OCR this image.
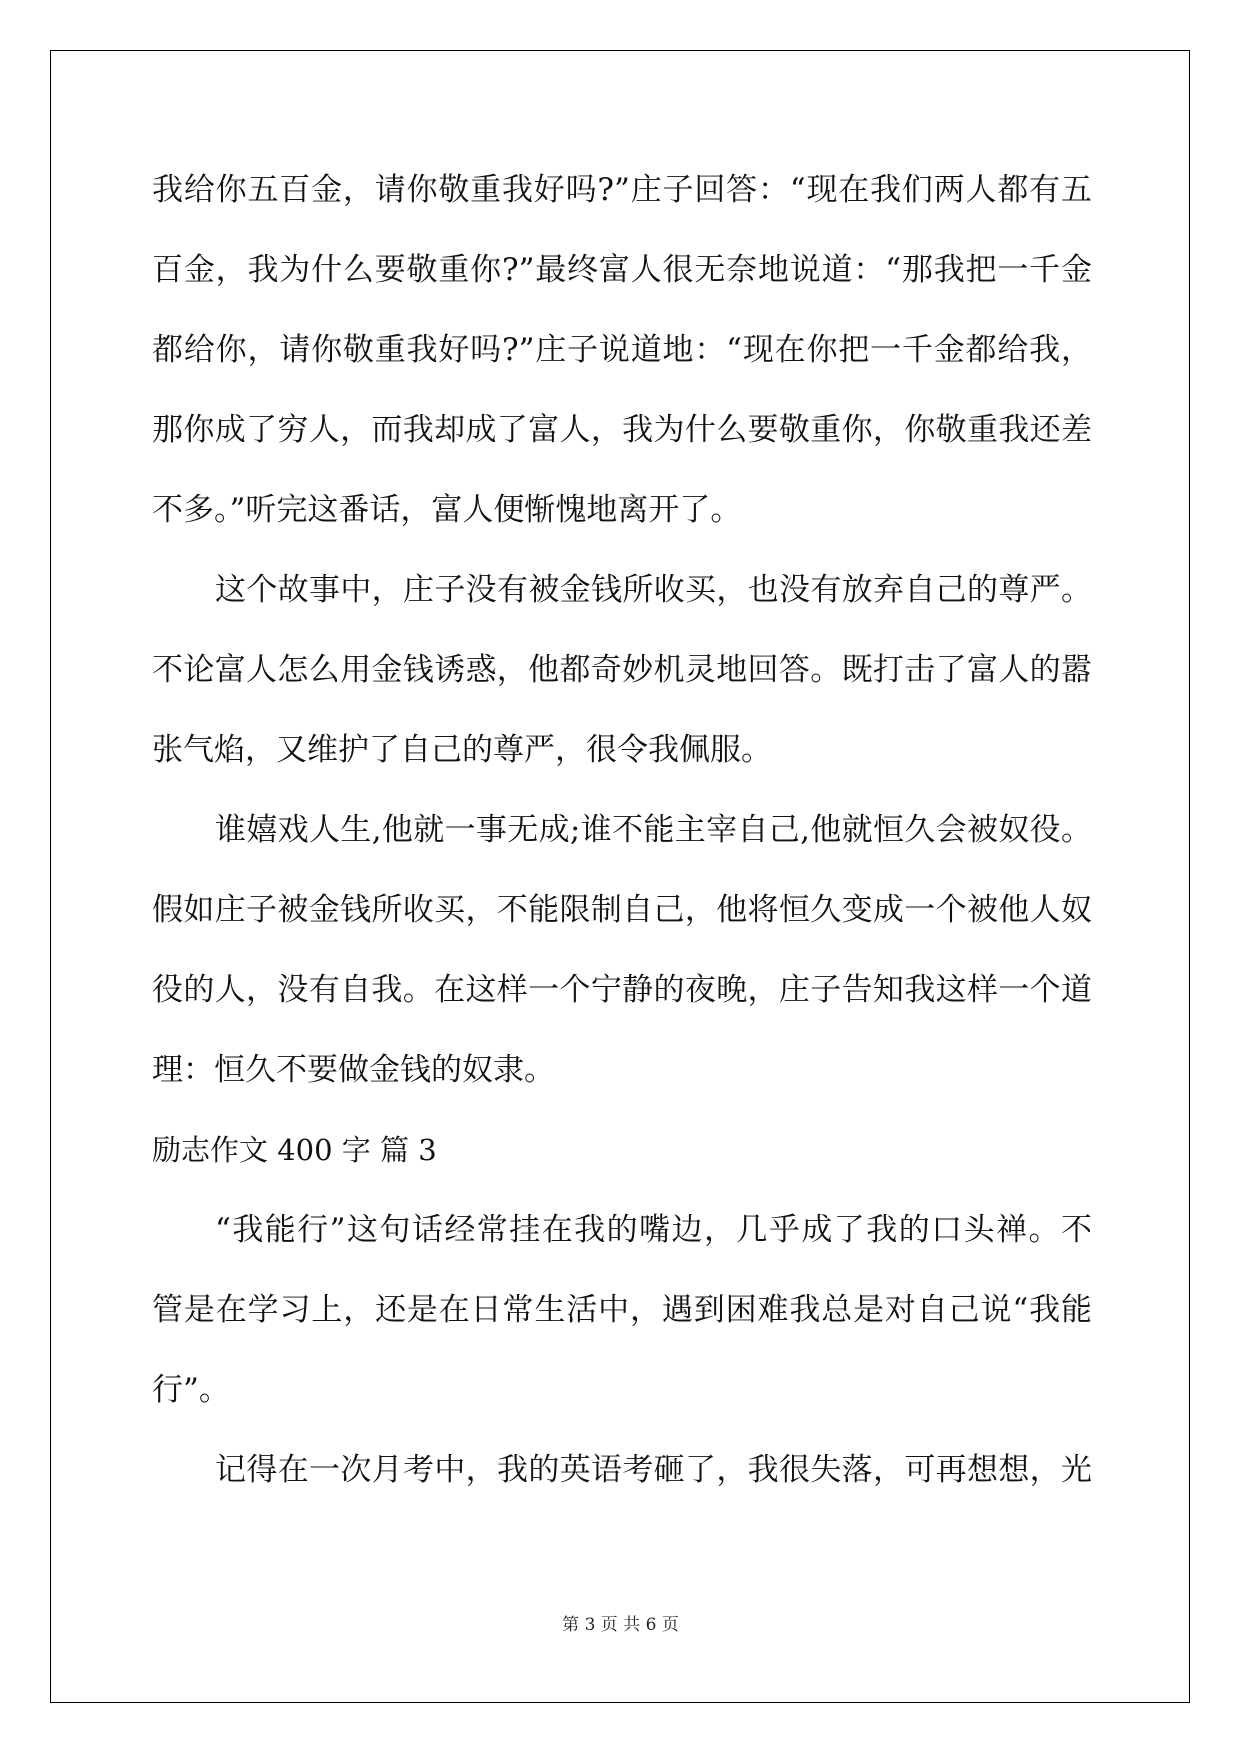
我给你五百金，请你敬重我好吗?”庄子回答：“现在我们两人都有五
百金，我为什么要敬重你?”最终富人很无奈地说道：“那我把一千金
都给你，请你敬重我好吗?”庄子说道地：“现在你把一千金都给我，
那你成了穷人，而我却成了富人，我为什么要敬重你，你敬重我还差
不多。”听完这番话，富人便惭愧地离开了。
这个故事中，庄子没有被金钱所收买，也没有放弃自己的尊严。
不论富人怎么用金钱诱惑，他都奇妙机灵地回答。既打击了富人的嚣
张气焰，又维护了自己的尊严，很令我佩服。
谁嬉戏人生,他就一事无成;谁不能主宰自己,他就恒久会被奴役。
假如庄子被金钱所收买，不能限制自己，他将恒久变成一个被他人奴
役的人，没有自我。在这样一个宁静的夜晚，庄子告知我这样一个道
理：恒久不要做金钱的奴隶。
励志作文 400 字 篇 3
“我能行”这句话经常挂在我的嘴边，几乎成了我的口头禅。不
管是在学习上，还是在日常生活中，遇到困难我总是对自己说“我能
行”。
记得在一次月考中，我的英语考砸了，我很失落，可再想想，光
第 3 页 共 6 页
